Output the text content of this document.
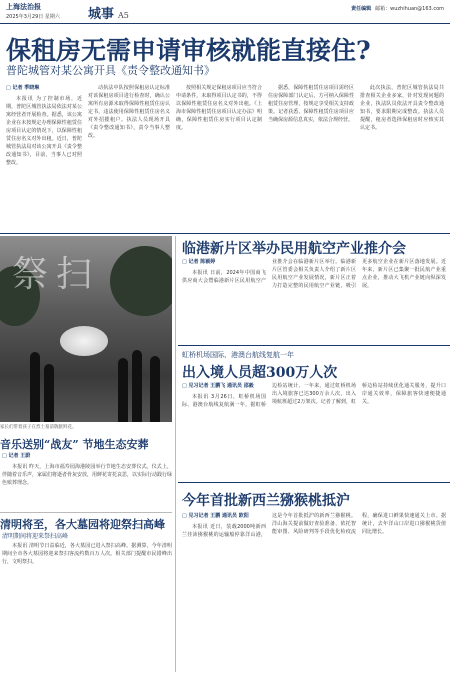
上海法治报
2025年3月29日 星期六 城事 A5
责任编辑 邮箱：wuzhihuan@163.com
保租房无需申请审核就能直接住?
普陀城管对某公寓开具《责令整改通知书》
□ 记者 季晓琳

本报讯 为了控制市场，近期，普陀区城管执法局依法对某公寓经营者开展检查。据悉，该公寓企业在未按规定办理保障性租赁住房项目认定的情况下，以保障性租赁住房名义对外出租。近日，普陀城管执法局对该公寓开具《责令整改通知书》，目前，当事人已对照整改。

动执法中队按照保租房认定标准对该保租房项目进行检查时，确认公寓所有房源未取得保障性租赁住房认定书，违法使用保障性租赁住房名义对外招揽租户。执法人员现场开具《责令整改通知书》，责令当事人整改。

按照相关规定保租房项目应当符合申请条件，未取得项目认定书的，不得以保障性租赁住房名义对外出租。《上海市保障性租赁住房项目认定办法》明确，保障性租赁住房实行项目认定制度。

据悉，保障性租赁住房项目需经区住房保障部门认定后，方可纳入保障性租赁住房管理，按规定享受相关支持政策。记者获悉，保障性租赁住房项目应当确保房源信息真实，依法合规经营。

此次执法，普陀区城管执法局共排查相关企业多家，针对发现问题的企业，执法队员依法开具责令整改通知书，要求限期完成整改。执法人员提醒，租房者选择保租房时应核实其认定书。

祭扫
家长们带着孩子在烈士墓前敬献鲜花。
音乐送别“战友” 节地生态安葬
□ 记者 王蔚

本报讯 昨天，上海市福寿园海港陵园举行节地生态安葬仪式。仪式上，伴随着音乐声，家属们将逝者骨灰安放，用鲜花寄托哀思，以实际行动践行绿色殡葬理念。

清明将至，各大墓园将迎祭扫高峰
清明期间将迎来祭扫高峰

本报讯 清明节日益临近，各大墓园已进入祭扫高峰。据测算，今年清明期间全市各大墓园将迎来祭扫客流约数百万人次。相关部门提醒市民错峰出行，文明祭扫。

临港新片区举办民用航空产业推介会
□ 记者 陈颖婷

本报讯 日前，2024年中国商飞供应商大会暨临港新片区民用航空产业推介会在临港新片区举行。临港新片区管委会相关负责人介绍了新片区民用航空产业发展情况，新片区正着力打造完整的民用航空产业链，吸引更多航空企业在新片区落地发展。近年来，新片区已集聚一批民航产业重点企业，推动大飞机产业链向纵深发展。

虹桥机场国际、港澳台航线复航一年
出入境人员超300万人次
□ 见习记者 王鹏飞 通讯员 邵毅

本报讯 3月26日，虹桥机场国际、港澳台航线复航满一年。据虹桥边检站统计，一年来，通过虹桥机场出入境旅客已达300万余人次，出入境航班超过2万架次。记者了解到，虹桥边检站持续优化通关服务，提升口岸通关效率，保障旅客快速便捷通关。

今年首批新西兰猕猴桃抵沪
□ 见习记者 王鹏 通讯员 欧阳

本报讯 近日，装载2000吨新西兰佳沛猕猴桃的运输船停靠洋山港，这是今年首批抵沪的新西兰猕猴桃。洋山海关提前做好查验准备，依托智能审图、风险研判等手段优化检疫流程，确保进口鲜果快速通关上市。据统计，去年洋山口岸进口猕猴桃货值同比增长。
